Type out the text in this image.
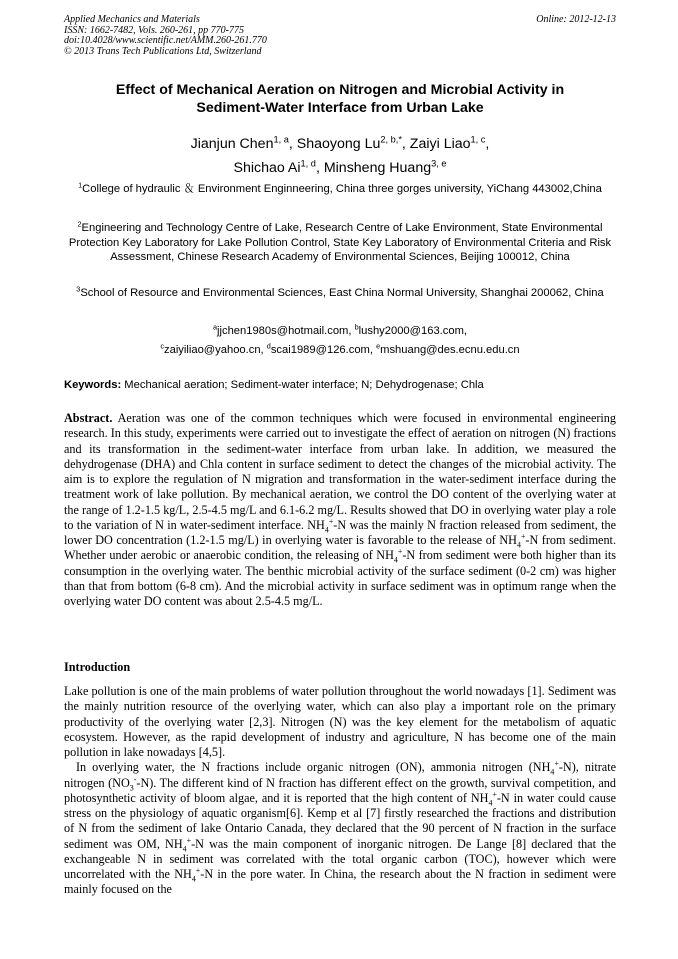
Applied Mechanics and Materials
ISSN: 1662-7482, Vols. 260-261, pp 770-775
doi:10.4028/www.scientific.net/AMM.260-261.770
© 2013 Trans Tech Publications Ltd, Switzerland
Online: 2012-12-13
Effect of Mechanical Aeration on Nitrogen and Microbial Activity in
Sediment-Water Interface from Urban Lake
Jianjun Chen$^{1, a}$, Shaoyong $Lu^{2, b,*}$, Zaiyi Liao$^{1, c}$,
Shichao Ai$^{1, d}$, Minsheng Huang$^{3, e}$
$^1$College of hydraulic ＆ Environment Enginneering, China three gorges university, YiChang 443002,China
$^2$Engineering and Technology Centre of Lake, Research Centre of Lake Environment, State Environmental Protection Key Laboratory for Lake Pollution Control, State Key Laboratory of Environmental Criteria and Risk Assessment, Chinese Research Academy of Environmental Sciences, Beijing 100012, China
$^3$School of Resource and Environmental Sciences, East China Normal University, Shanghai 200062, China
$^a$jjchen1980s@hotmail.com, $^b$lushy2000@163.com,
$^c$zaiyiliao@yahoo.cn, $^d$scai1989@126.com, $^e$mshuang@des.ecnu.edu.cn
Keywords: Mechanical aeration; Sediment-water interface; N; Dehydrogenase; Chla

Abstract. Aeration was one of the common techniques which were focused in environmental engineering research. In this study, experiments were carried out to investigate the effect of aeration on nitrogen (N) fractions and its transformation in the sediment-water interface from urban lake. In addition, we measured the dehydrogenase (DHA) and Chla content in surface sediment to detect the changes of the microbial activity. The aim is to explore the regulation of N migration and transformation in the water-sediment interface during the treatment work of lake pollution. By mechanical aeration, we control the DO content of the overlying water at the range of 1.2-1.5 kg/L, 2.5-4.5 mg/L and 6.1-6.2 mg/L. Results showed that DO in overlying water play a role to the variation of N in water-sediment interface. $NH_4^+-N$ was the mainly N fraction released from sediment, the lower DO concentration (1.2-1.5 mg/L) in overlying water is favorable to the release of $NH_4^+-N$ from sediment. Whether under aerobic or anaerobic condition, the releasing of $NH_4^+-N$ from sediment were both higher than its consumption in the overlying water. The benthic microbial activity of the surface sediment (0-2 cm) was higher than that from bottom (6-8 cm). And the microbial activity in surface sediment was in optimum range when the overlying water DO content was about 2.5-4.5 mg/L.

Introduction

Lake pollution is one of the main problems of water pollution throughout the world nowadays [1]. Sediment was the mainly nutrition resource of the overlying water, which can also play a important role on the primary productivity of the overlying water [2,3]. Nitrogen (N) was the key element for the metabolism of aquatic ecosystem. However, as the rapid development of industry and agriculture, N has become one of the main pollution in lake nowadays [4,5].

In overlying water, the N fractions include organic nitrogen (ON), ammonia nitrogen $(NH_4^+-N)$, nitrate nitrogen $(NO_3^--N)$. The different kind of N fraction has different effect on the growth, survival competition, and photosynthetic activity of bloom algae, and it is reported that the high content of $NH_4^+-N$ in water could cause stress on the physiology of aquatic organism[6]. Kemp et al [7] firstly researched the fractions and distribution of N from the sediment of lake Ontario Canada, they declared that the 90 percent of N fraction in the surface sediment was OM, $NH_4^+-N$ was the main component of inorganic nitrogen. De Lange [8] declared that the exchangeable N in sediment was correlated with the total organic carbon (TOC), however which were uncorrelated with the $NH_4^+-N$ in the pore water. In China, the research about the N fraction in sediment were mainly focused on the
